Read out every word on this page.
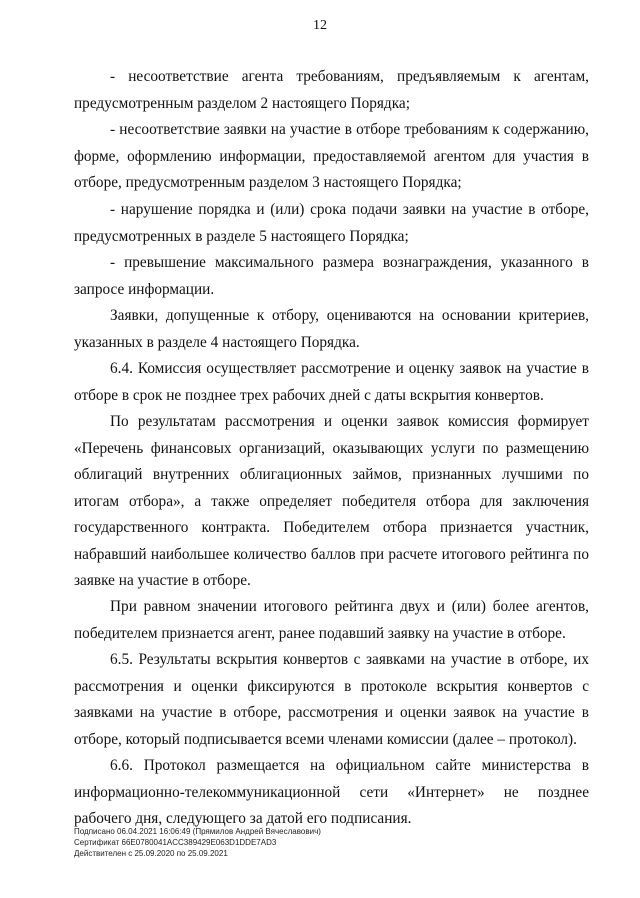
12

- несоответствие агента требованиям, предъявляемым к агентам, предусмотренным разделом 2 настоящего Порядка;

- несоответствие заявки на участие в отборе требованиям к содержанию, форме, оформлению информации, предоставляемой агентом для участия в отборе, предусмотренным разделом 3 настоящего Порядка;

- нарушение порядка и (или) срока подачи заявки на участие в отборе, предусмотренных в разделе 5 настоящего Порядка;

- превышение максимального размера вознаграждения, указанного в запросе информации.

Заявки, допущенные к отбору, оцениваются на основании критериев, указанных в разделе 4 настоящего Порядка.

6.4. Комиссия осуществляет рассмотрение и оценку заявок на участие в отборе в срок не позднее трех рабочих дней с даты вскрытия конвертов.

По результатам рассмотрения и оценки заявок комиссия формирует «Перечень финансовых организаций, оказывающих услуги по размещению облигаций внутренних облигационных займов, признанных лучшими по итогам отбора», а также определяет победителя отбора для заключения государственного контракта. Победителем отбора признается участник, набравший наибольшее количество баллов при расчете итогового рейтинга по заявке на участие в отборе.

При равном значении итогового рейтинга двух и (или) более агентов, победителем признается агент, ранее подавший заявку на участие в отборе.

6.5. Результаты вскрытия конвертов с заявками на участие в отборе, их рассмотрения и оценки фиксируются в протоколе вскрытия конвертов с заявками на участие в отборе, рассмотрения и оценки заявок на участие в отборе, который подписывается всеми членами комиссии (далее – протокол).

6.6. Протокол размещается на официальном сайте министерства в информационно-телекоммуникационной сети «Интернет» не позднее рабочего дня, следующего за датой его подписания.

Подписано 06.04.2021 16:06:49 (Прямилов Андрей Вячеславович)
Сертификат 66E0780041ACC389429E063D1DDE7AD3
Действителен с 25.09.2020 по 25.09.2021
